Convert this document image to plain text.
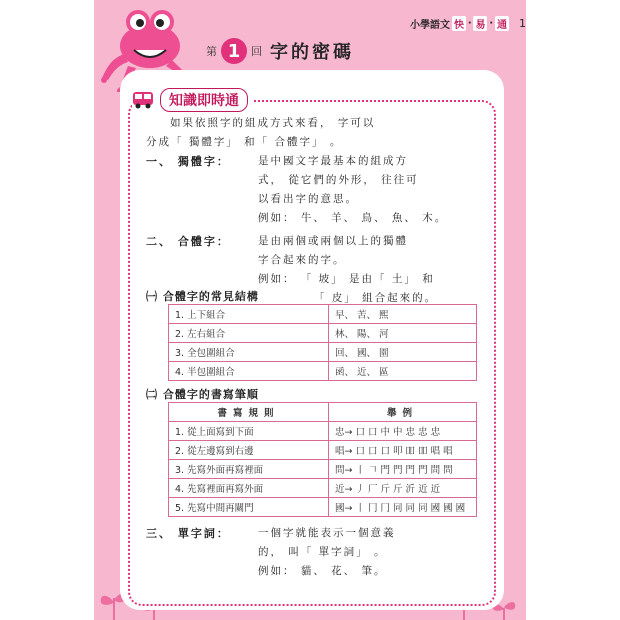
小學語文 快 ‧ 易 ‧ 通 1
第 1 回 字的密碼
知識即時通
如果依照字的組成方式來看， 字可以
分成「 獨體字」 和「 合體字」 。
一、 獨體字：	是中國文字最基本的組成方
式， 從它們的外形， 往往可
以看出字的意思。
例如： 牛、 羊、 鳥、 魚、 木。
二、 合體字：	是由兩個或兩個以上的獨體
字合起來的字。
例如： 「 坡」 是由「 土」 和
「 皮」 組合起來的。
㈠ 合體字的常見結構
1. 上下組合	早、 苦、 熙
2. 左右組合	林、 陽、 河
3. 全包圍組合	回、 國、 園
4. 半包圍組合	函、 近、 區
㈡ 合體字的書寫筆順
書寫規則	舉例
1. 從上面寫到下面	忠→ 口 口 中 中 忠 忠 忠
2. 從左邊寫到右邊	唱→ 口 口 口 叩 吅 吅 唱 唱
3. 先寫外面再寫裡面	問→ 丨 𠃍 門 門 門 門 問 問
4. 先寫裡面再寫外面	近→ 丿 厂 斤 斤 沂 近 近
5. 先寫中間再關門	國→ 丨 冂 冂 同 同 同 國 國 國
三、 單字詞：	一個字就能表示一個意義
的， 叫「 單字詞」 。
例如： 貓、 花、 筆。
